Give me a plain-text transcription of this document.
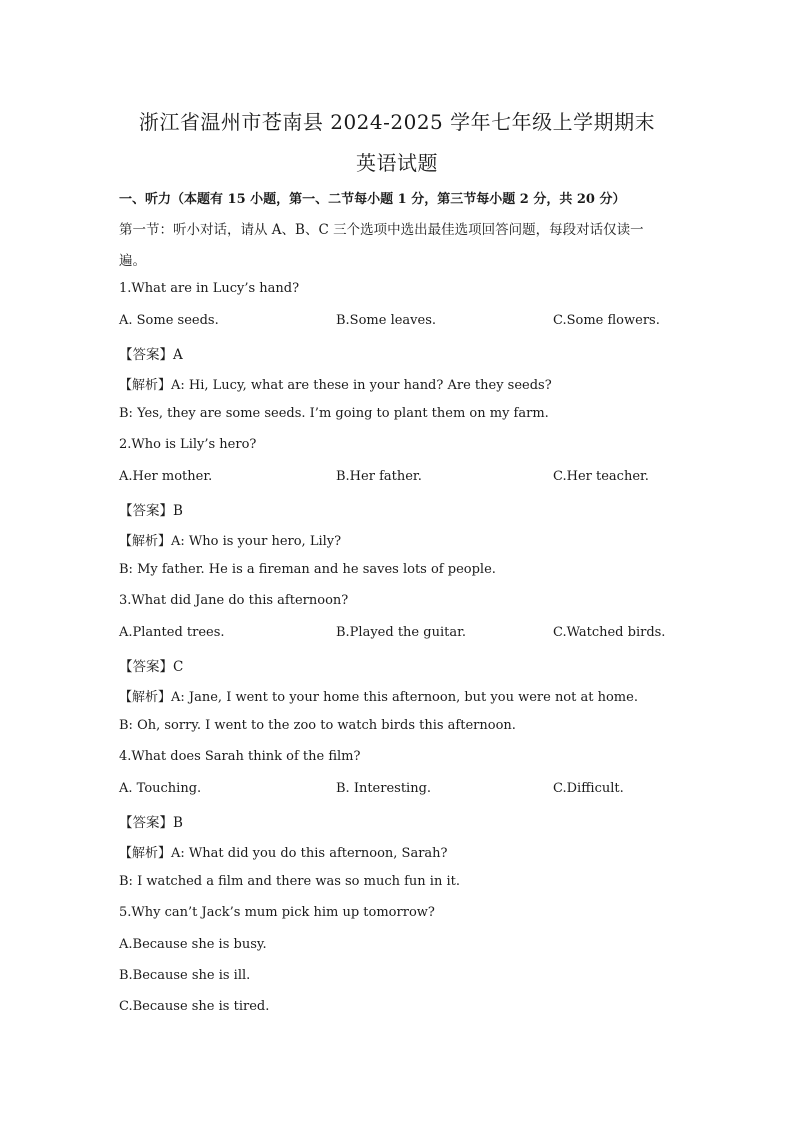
浙江省温州市苍南县 2024-2025 学年七年级上学期期末
英语试题
一、听力（本题有 15 小题，第一、二节每小题 1 分，第三节每小题 2 分，共 20 分）
第一节：听小对话，请从 A、B、C 三个选项中选出最佳选项回答问题，每段对话仅读一
遍。
1.What are in Lucy’s hand?
A. Some seeds.	B.Some leaves.	C.Some flowers.
【答案】A
【解析】A: Hi, Lucy, what are these in your hand? Are they seeds?
B: Yes, they are some seeds. I’m going to plant them on my farm.
2.Who is Lily’s hero?
A.Her mother.	B.Her father.	C.Her teacher.
【答案】B
【解析】A: Who is your hero, Lily?
B: My father. He is a fireman and he saves lots of people.
3.What did Jane do this afternoon?
A.Planted trees.	B.Played the guitar.	C.Watched birds.
【答案】C
【解析】A: Jane, I went to your home this afternoon, but you were not at home.
B: Oh, sorry. I went to the zoo to watch birds this afternoon.
4.What does Sarah think of the film?
A. Touching.	B. Interesting.	C.Difficult.
【答案】B
【解析】A: What did you do this afternoon, Sarah?
B: I watched a film and there was so much fun in it.
5.Why can’t Jack’s mum pick him up tomorrow?
A.Because she is busy.
B.Because she is ill.
C.Because she is tired.
